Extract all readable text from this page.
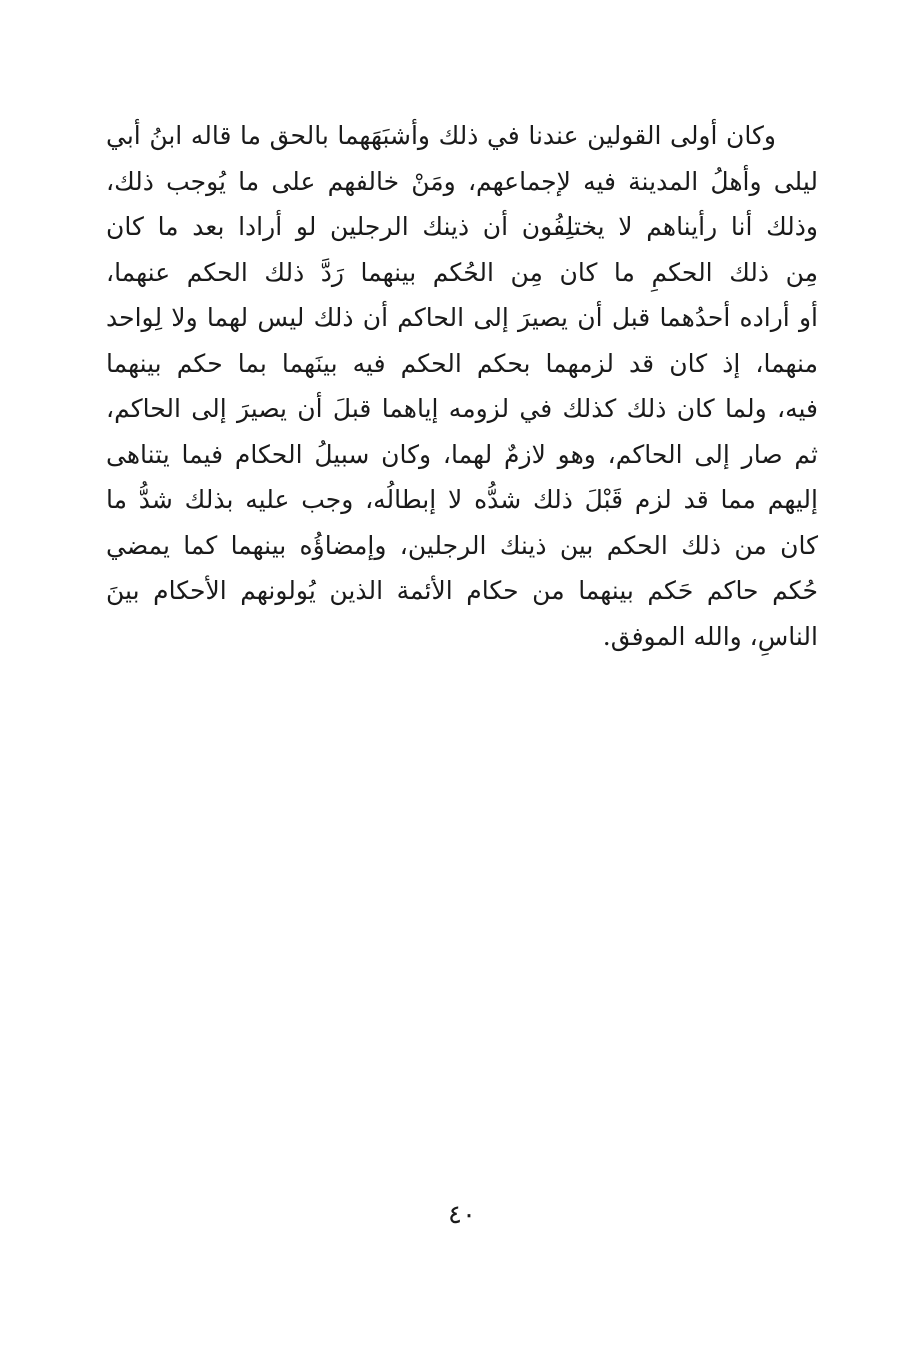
وكان أولى القولين عندنا في ذلك وأشبَهَهما بالحق ما قاله ابنُ أبي
ليلى وأهلُ المدينة فيه لإجماعهم، ومَنْ خالفهم على ما يُوجب ذلك،
وذلك أنا رأيناهم لا يختلِفُون أن ذينك الرجلين لو أرادا بعد ما كان
مِن ذلك الحكمِ ما كان مِن الحُكم بينهما رَدَّ ذلك الحكم عنهما،
أو أراده أحدُهما قبل أن يصيرَ إلى الحاكم أن ذلك ليس لهما ولا لِواحد
منهما، إذ كان قد لزمهما بحكم الحكم فيه بينَهما بما حكم بينهما
فيه، ولما كان ذلك كذلك في لزومه إياهما قبلَ أن يصيرَ إلى الحاكم،
ثم صار إلى الحاكم، وهو لازمٌ لهما، وكان سبيلُ الحكام فيما يتناهى
إليهم مما قد لزم قَبْلَ ذلك شدُّه لا إبطالُه، وجب عليه بذلك شدُّ ما
كان من ذلك الحكم بين ذينك الرجلين، وإمضاؤُه بينهما كما يمضي
حُكم حاكم حَكم بينهما من حكام الأئمة الذين يُولونهم الأحكام بينَ
الناسِ، والله الموفق.
٤٠
